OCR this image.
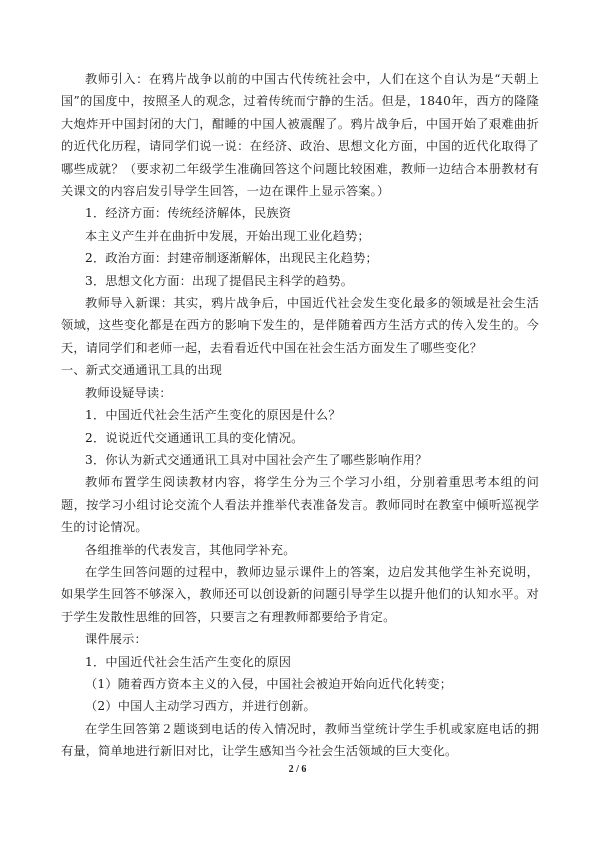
教师引入：在鸦片战争以前的中国古代传统社会中，人们在这个自认为是“天朝上国”的国度中，按照圣人的观念，过着传统而宁静的生活。但是，1840年，西方的隆隆大炮炸开中国封闭的大门，酣睡的中国人被震醒了。鸦片战争后，中国开始了艰难曲折的近代化历程，请同学们说一说：在经济、政治、思想文化方面，中国的近代化取得了哪些成就？（要求初二年级学生准确回答这个问题比较困难，教师一边结合本册教材有关课文的内容启发引导学生回答，一边在课件上显示答案。）

1．经济方面：传统经济解体，民族资

本主义产生并在曲折中发展，开始出现工业化趋势；

2．政治方面：封建帝制逐渐解体，出现民主化趋势；

3．思想文化方面：出现了提倡民主科学的趋势。

教师导入新课：其实，鸦片战争后，中国近代社会发生变化最多的领域是社会生活领域，这些变化都是在西方的影响下发生的，是伴随着西方生活方式的传入发生的。今天，请同学们和老师一起，去看看近代中国在社会生活方面发生了哪些变化？

一、新式交通通讯工具的出现

教师设疑导读：

1．中国近代社会生活产生变化的原因是什么？

2．说说近代交通通讯工具的变化情况。

3．你认为新式交通通讯工具对中国社会产生了哪些影响作用？

教师布置学生阅读教材内容，将学生分为三个学习小组，分别着重思考本组的问题，按学习小组讨论交流个人看法并推举代表准备发言。教师同时在教室中倾听巡视学生的讨论情况。

各组推举的代表发言，其他同学补充。

在学生回答问题的过程中，教师边显示课件上的答案，边启发其他学生补充说明，如果学生回答不够深入，教师还可以创设新的问题引导学生以提升他们的认知水平。对于学生发散性思维的回答，只要言之有理教师都要给予肯定。

课件展示：

1．中国近代社会生活产生变化的原因

（1）随着西方资本主义的入侵，中国社会被迫开始向近代化转变；

（2）中国人主动学习西方，并进行创新。

在学生回答第２题谈到电话的传入情况时，教师当堂统计学生手机或家庭电话的拥有量，简单地进行新旧对比，让学生感知当今社会生活领域的巨大变化。

2 / 6
